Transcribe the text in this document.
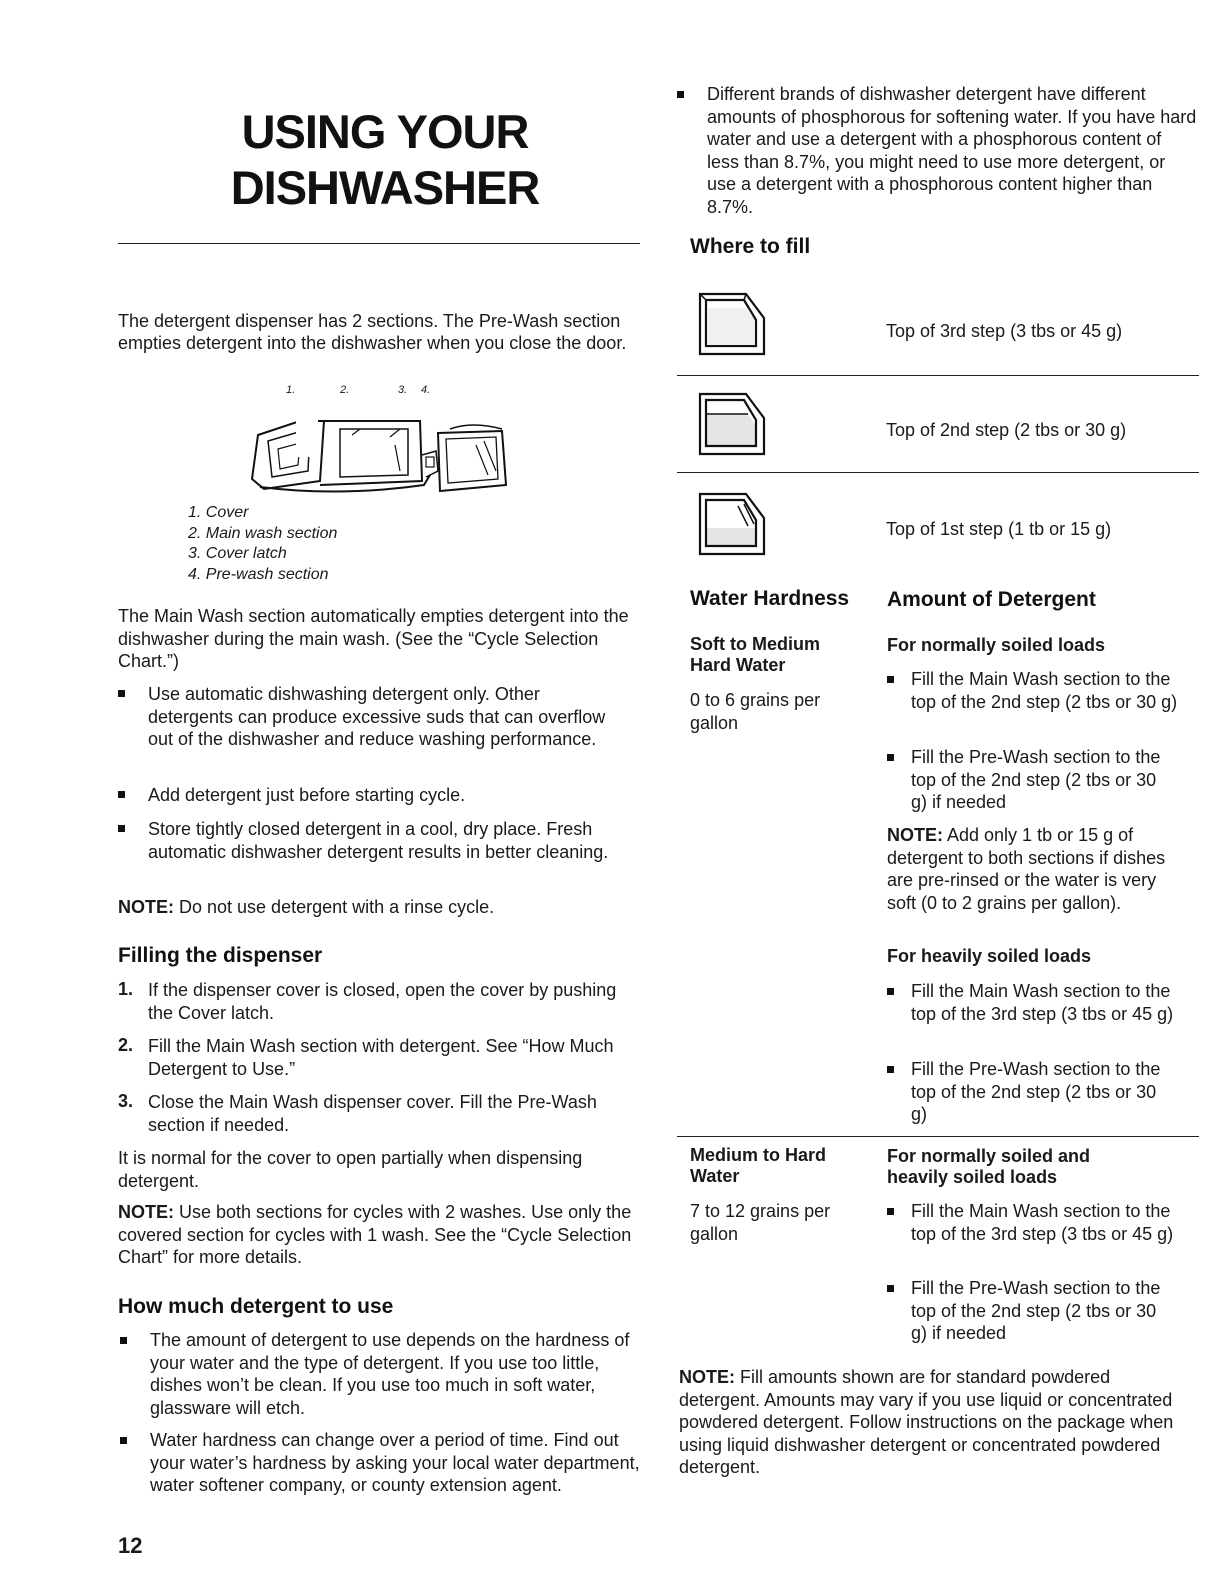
USING YOUR
DISHWASHER
The detergent dispenser has 2 sections. The Pre-Wash section empties detergent into the dishwasher when you close the door.
1.	2.	3. 4.
1. Cover
2. Main wash section
3. Cover latch
4. Pre-wash section
The Main Wash section automatically empties detergent into the dishwasher during the main wash. (See the “Cycle Selection Chart.”)
Use automatic dishwashing detergent only. Other detergents can produce excessive suds that can overflow out of the dishwasher and reduce washing performance.
Add detergent just before starting cycle.
Store tightly closed detergent in a cool, dry place. Fresh automatic dishwasher detergent results in better cleaning.
NOTE: Do not use detergent with a rinse cycle.
Filling the dispenser
1. If the dispenser cover is closed, open the cover by pushing the Cover latch.
2. Fill the Main Wash section with detergent. See “How Much Detergent to Use.”
3. Close the Main Wash dispenser cover. Fill the Pre-Wash section if needed.
It is normal for the cover to open partially when dispensing detergent.
NOTE: Use both sections for cycles with 2 washes. Use only the covered section for cycles with 1 wash. See the “Cycle Selection Chart” for more details.
How much detergent to use
The amount of detergent to use depends on the hardness of your water and the type of detergent. If you use too little, dishes won’t be clean. If you use too much in soft water, glassware will etch.
Water hardness can change over a period of time. Find out your water’s hardness by asking your local water department, water softener company, or county extension agent.
12
Different brands of dishwasher detergent have different amounts of phosphorous for softening water. If you have hard water and use a detergent with a phosphorous content of less than 8.7%, you might need to use more detergent, or use a detergent with a phosphorous content higher than 8.7%.
Where to fill
Top of 3rd step (3 tbs or 45 g)
Top of 2nd step (2 tbs or 30 g)
Top of 1st step (1 tb or 15 g)
Water Hardness Amount of Detergent
Soft to Medium Hard Water
0 to 6 grains per gallon
For normally soiled loads
Fill the Main Wash section to the top of the 2nd step (2 tbs or 30 g)
Fill the Pre-Wash section to the top of the 2nd step (2 tbs or 30 g) if needed
NOTE: Add only 1 tb or 15 g of detergent to both sections if dishes are pre-rinsed or the water is very soft (0 to 2 grains per gallon).
For heavily soiled loads
Fill the Main Wash section to the top of the 3rd step (3 tbs or 45 g)
Fill the Pre-Wash section to the top of the 2nd step (2 tbs or 30 g)
Medium to Hard Water
7 to 12 grains per gallon
For normally soiled and heavily soiled loads
Fill the Main Wash section to the top of the 3rd step (3 tbs or 45 g)
Fill the Pre-Wash section to the top of the 2nd step (2 tbs or 30 g) if needed
NOTE: Fill amounts shown are for standard powdered detergent. Amounts may vary if you use liquid or concentrated powdered detergent. Follow instructions on the package when using liquid dishwasher detergent or concentrated powdered detergent.
